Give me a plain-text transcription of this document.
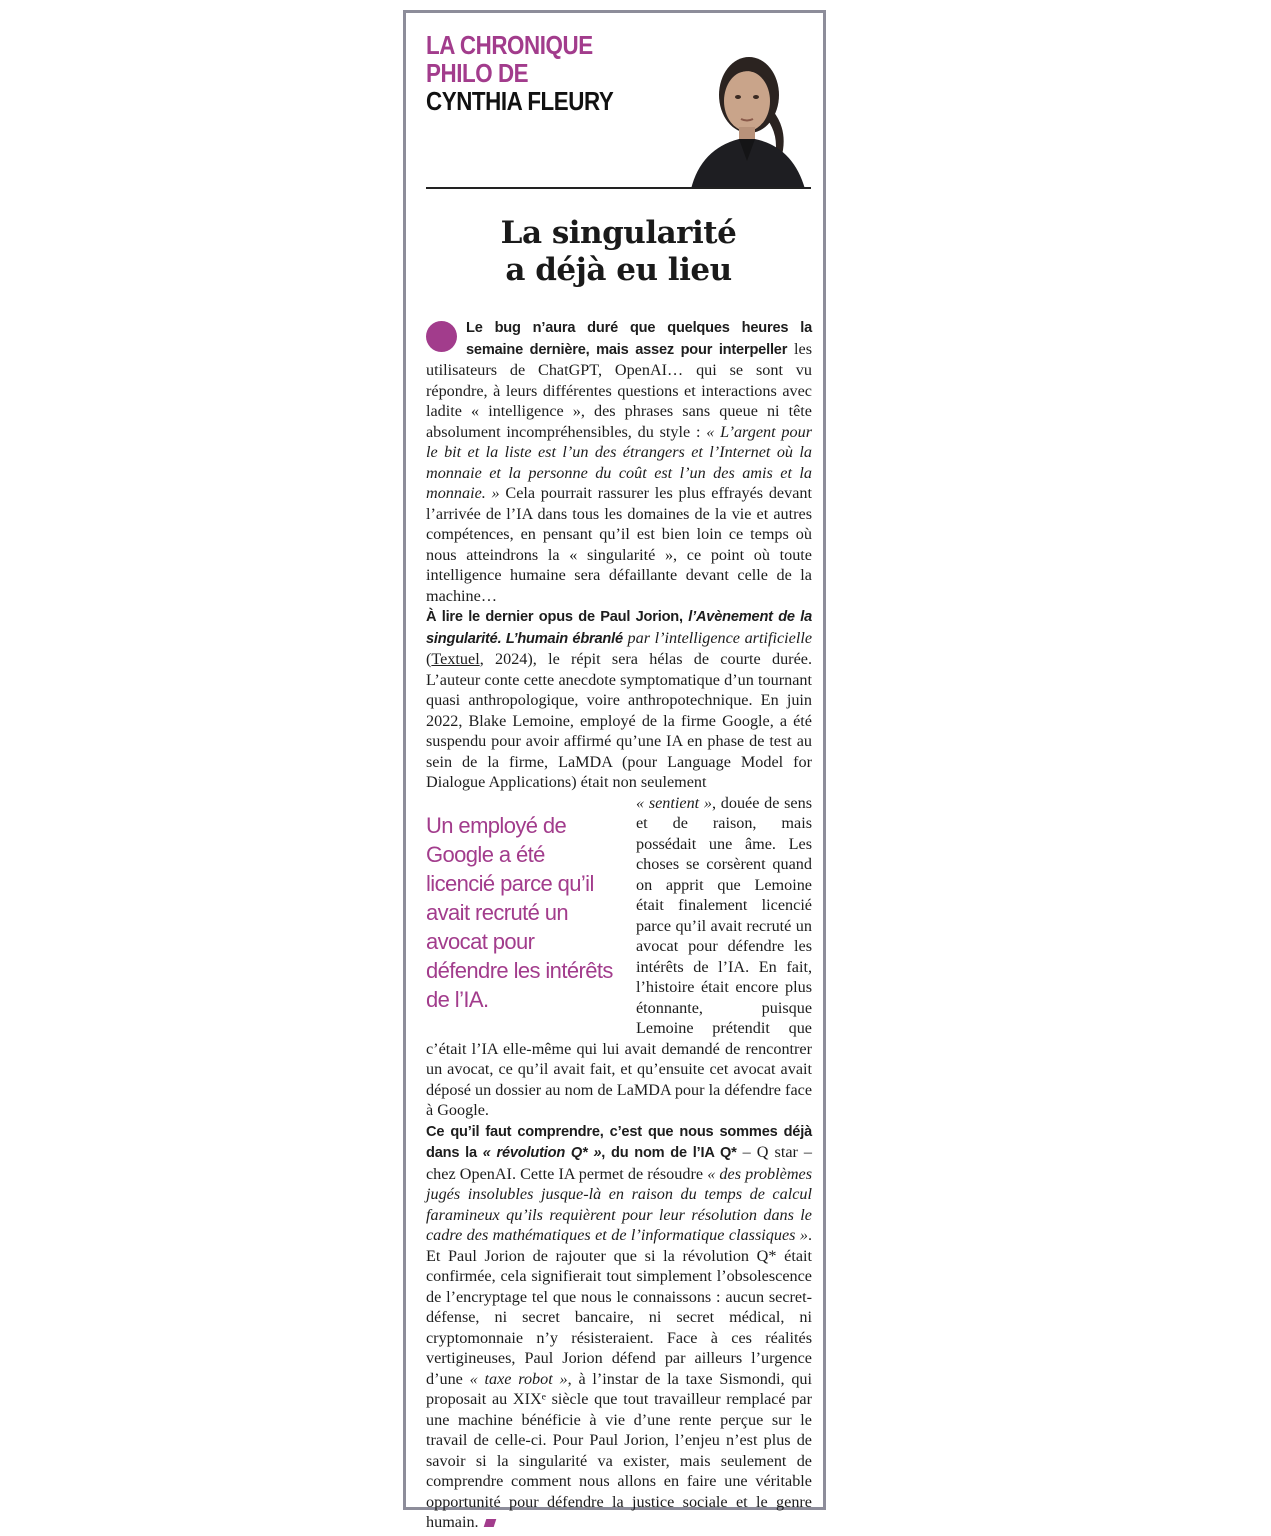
LA CHRONIQUE
PHILO DE
CYNTHIA FLEURY
La singularité
a déjà eu lieu

Le bug n’aura duré que quelques heures la semaine dernière, mais assez pour interpeller les utilisateurs de ChatGPT, OpenAI… qui se sont vu répondre, à leurs différentes questions et interactions avec ladite « intelligence », des phrases sans queue ni tête absolument incompréhensibles, du style : « L’argent pour le bit et la liste est l’un des étrangers et l’Internet où la monnaie et la personne du coût est l’un des amis et la monnaie. » Cela pourrait rassurer les plus effrayés devant l’arrivée de l’IA dans tous les domaines de la vie et autres compétences, en pensant qu’il est bien loin ce temps où nous atteindrons la « singularité », ce point où toute intelligence humaine sera défaillante devant celle de la machine…

À lire le dernier opus de Paul Jorion, l’Avènement de la singularité. L’humain ébranlé par l’intelligence artificielle (Textuel, 2024), le répit sera hélas de courte durée. L’auteur conte cette anecdote symptomatique d’un tournant quasi anthropologique, voire anthropotechnique. En juin 2022, Blake Lemoine, employé de la firme Google, a été suspendu pour avoir affirmé qu’une IA en phase de test au sein de la firme, LaMDA (pour Language Model for Dialogue Applications) était non seulement

Un employé de Google a été licencié parce qu’il avait recruté un avocat pour défendre les intérêts de l’IA.
« sentient », douée de sens et de raison, mais possédait une âme. Les choses se corsèrent quand on apprit que Lemoine était finalement licencié parce qu’il avait recruté un avocat pour défendre les intérêts de l’IA. En fait, l’histoire était encore plus étonnante, puisque Lemoine prétendit que c’était l’IA elle-même qui lui avait demandé de rencontrer un avocat, ce qu’il avait fait, et qu’ensuite cet avocat avait déposé un dossier au nom de LaMDA pour la défendre face à Google.

Ce qu’il faut comprendre, c’est que nous sommes déjà dans la « révolution Q* », du nom de l’IA Q* – Q star – chez OpenAI. Cette IA permet de résoudre « des problèmes jugés insolubles jusque-là en raison du temps de calcul faramineux qu’ils requièrent pour leur résolution dans le cadre des mathématiques et de l’informatique classiques ». Et Paul Jorion de rajouter que si la révolution Q* était confirmée, cela signifierait tout simplement l’obsolescence de l’encryptage tel que nous le connaissons : aucun secret-défense, ni secret bancaire, ni secret médical, ni cryptomonnaie n’y résisteraient. Face à ces réalités vertigineuses, Paul Jorion défend par ailleurs l’urgence d’une « taxe robot », à l’instar de la taxe Sismondi, qui proposait au XIXᵉ siècle que tout travailleur remplacé par une machine bénéficie à vie d’une rente perçue sur le travail de celle-ci. Pour Paul Jorion, l’enjeu n’est plus de savoir si la singularité va exister, mais seulement de comprendre comment nous allons en faire une véritable opportunité pour défendre la justice sociale et le genre humain.
